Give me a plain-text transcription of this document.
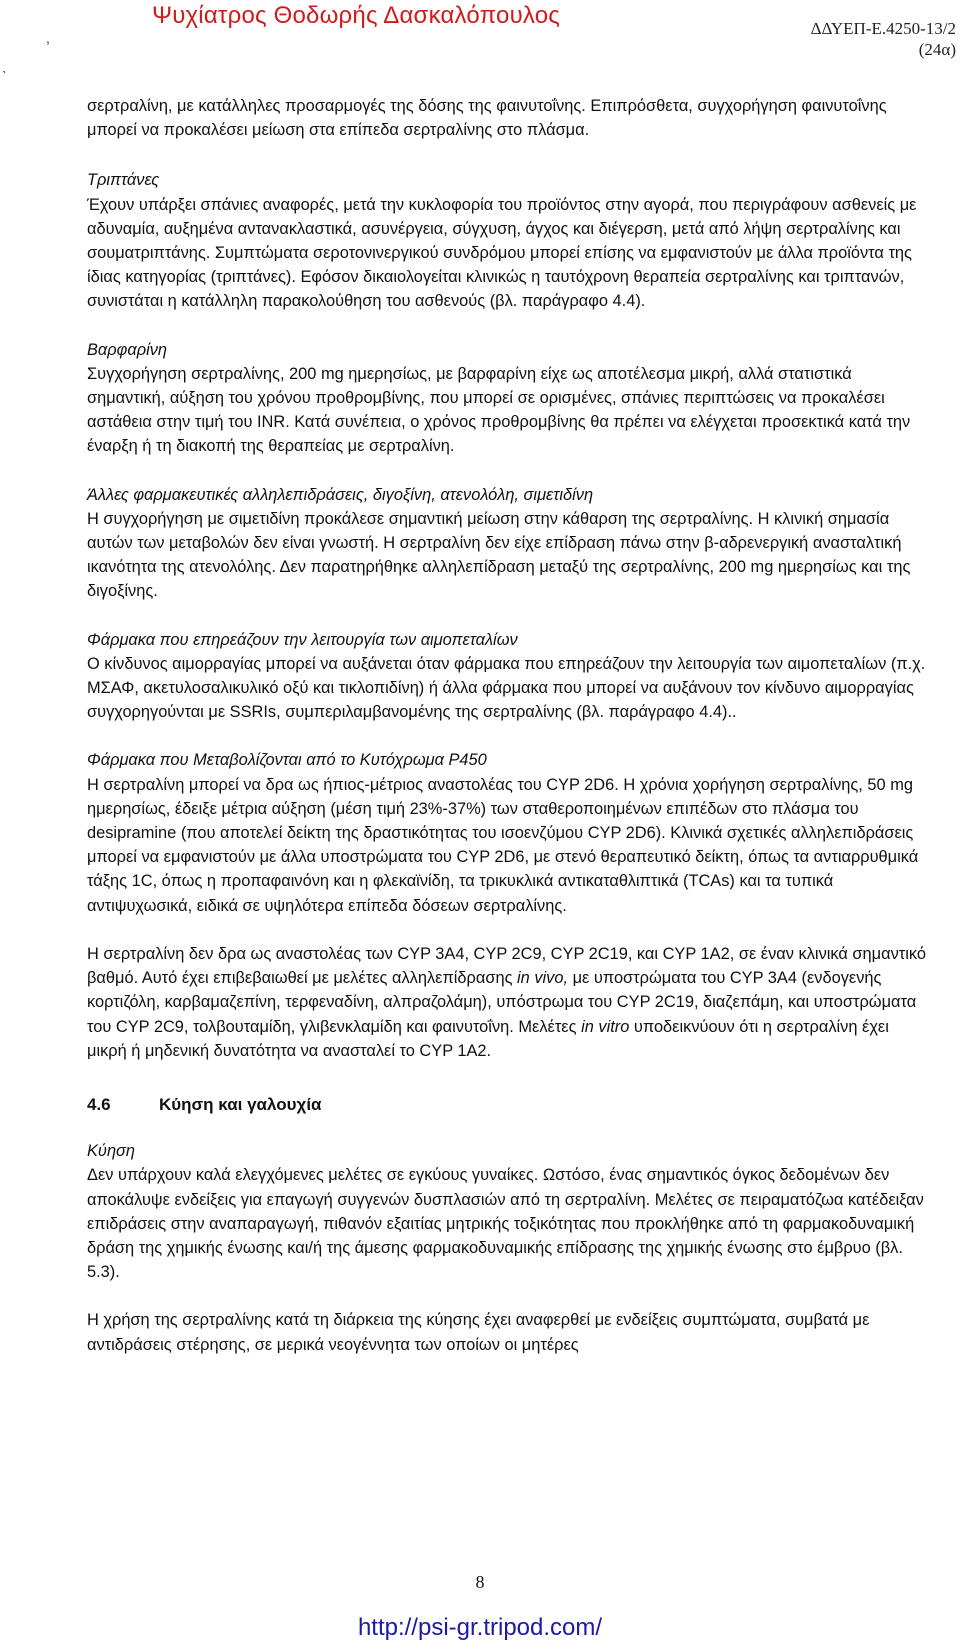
Ψυχίατρος Θοδωρής Δασκαλόπουλος	ΔΔΥΕΠ-Ε.4250-13/2
(24α)
,
ˋ

σερτραλίνη, με κατάλληλες προσαρμογές της δόσης της φαινυτοΐνης. Επιπρόσθετα, συγχορήγηση φαινυτοΐνης μπορεί να προκαλέσει μείωση στα επίπεδα σερτραλίνης στο πλάσμα.

Τριπτάνες

Έχουν υπάρξει σπάνιες αναφορές, μετά την κυκλοφορία του προϊόντος στην αγορά, που περιγράφουν ασθενείς με αδυναμία, αυξημένα αντανακλαστικά, ασυνέργεια, σύγχυση, άγχος και διέγερση, μετά από λήψη σερτραλίνης και σουματριπτάνης. Συμπτώματα σεροτονινεργικού συνδρόμου μπορεί επίσης να εμφανιστούν με άλλα προϊόντα της ίδιας κατηγορίας (τριπτάνες). Εφόσον δικαιολογείται κλινικώς η ταυτόχρονη θεραπεία σερτραλίνης και τριπτανών, συνιστάται η κατάλληλη παρακολούθηση του ασθενούς (βλ. παράγραφο 4.4).

Βαρφαρίνη

Συγχορήγηση σερτραλίνης, 200 mg ημερησίως, με βαρφαρίνη είχε ως αποτέλεσμα μικρή, αλλά στατιστικά σημαντική, αύξηση του χρόνου προθρομβίνης, που μπορεί σε ορισμένες, σπάνιες περιπτώσεις να προκαλέσει αστάθεια στην τιμή του INR. Κατά συνέπεια, ο χρόνος προθρομβίνης θα πρέπει να ελέγχεται προσεκτικά κατά την έναρξη ή τη διακοπή της θεραπείας με σερτραλίνη.

Άλλες φαρμακευτικές αλληλεπιδράσεις, διγοξίνη, ατενολόλη, σιμετιδίνη

Η συγχορήγηση με σιμετιδίνη προκάλεσε σημαντική μείωση στην κάθαρση της σερτραλίνης. Η κλινική σημασία αυτών των μεταβολών δεν είναι γνωστή. Η σερτραλίνη δεν είχε επίδραση πάνω στην β-αδρενεργική ανασταλτική ικανότητα της ατενολόλης. Δεν παρατηρήθηκε αλληλεπίδραση μεταξύ της σερτραλίνης, 200 mg ημερησίως και της διγοξίνης.

Φάρμακα που επηρεάζουν την λειτουργία των αιμοπεταλίων

Ο κίνδυνος αιμορραγίας μπορεί να αυξάνεται όταν φάρμακα που επηρεάζουν την λειτουργία των αιμοπεταλίων (π.χ. ΜΣΑΦ, ακετυλοσαλικυλικό οξύ και τικλοπιδίνη) ή άλλα φάρμακα που μπορεί να αυξάνουν τον κίνδυνο αιμορραγίας συγχορηγούνται με SSRIs, συμπεριλαμβανομένης της σερτραλίνης (βλ. παράγραφο 4.4)..

Φάρμακα που Μεταβολίζονται από το Κυτόχρωμα P450

Η σερτραλίνη μπορεί να δρα ως ήπιος-μέτριος αναστολέας του CYP 2D6. Η χρόνια χορήγηση σερτραλίνης, 50 mg ημερησίως, έδειξε μέτρια αύξηση (μέση τιμή 23%-37%) των σταθεροποιημένων επιπέδων στο πλάσμα του desipramine (που αποτελεί δείκτη της δραστικότητας του ισοενζύμου CYP 2D6). Κλινικά σχετικές αλληλεπιδράσεις μπορεί να εμφανιστούν με άλλα υποστρώματα του CYP 2D6, με στενό θεραπευτικό δείκτη, όπως τα αντιαρρυθμικά τάξης 1C, όπως η προπαφαινόνη και η φλεκαϊνίδη, τα τρικυκλικά αντικαταθλιπτικά (TCAs) και τα τυπικά αντιψυχωσικά, ειδικά σε υψηλότερα επίπεδα δόσεων σερτραλίνης.

Η σερτραλίνη δεν δρα ως αναστολέας των CYP 3A4, CYP 2C9, CYP 2C19, και CYP 1A2, σε έναν κλινικά σημαντικό βαθμό. Αυτό έχει επιβεβαιωθεί με μελέτες αλληλεπίδρασης in vivo, με υποστρώματα του CYP 3A4 (ενδογενής κορτιζόλη, καρβαμαζεπίνη, τερφεναδίνη, αλπραζολάμη), υπόστρωμα του CYP 2C19, διαζεπάμη, και υποστρώματα του CYP 2C9, τολβουταμίδη, γλιβενκλαμίδη και φαινυτοΐνη. Μελέτες in vitro υποδεικνύουν ότι η σερτραλίνη έχει μικρή ή μηδενική δυνατότητα να ανασταλεί το CYP 1A2.

4.6	Κύηση και γαλουχία

Κύηση

Δεν υπάρχουν καλά ελεγχόμενες μελέτες σε εγκύους γυναίκες. Ωστόσο, ένας σημαντικός όγκος δεδομένων δεν αποκάλυψε ενδείξεις για επαγωγή συγγενών δυσπλασιών από τη σερτραλίνη. Μελέτες σε πειραματόζωα κατέδειξαν επιδράσεις στην αναπαραγωγή, πιθανόν εξαιτίας μητρικής τοξικότητας που προκλήθηκε από τη φαρμακοδυναμική δράση της χημικής ένωσης και/ή της άμεσης φαρμακοδυναμικής επίδρασης της χημικής ένωσης στο έμβρυο (βλ. 5.3).

Η χρήση της σερτραλίνης κατά τη διάρκεια της κύησης έχει αναφερθεί με ενδείξεις συμπτώματα, συμβατά με αντιδράσεις στέρησης, σε μερικά νεογέννητα των οποίων οι μητέρες

8
http://psi-gr.tripod.com/
